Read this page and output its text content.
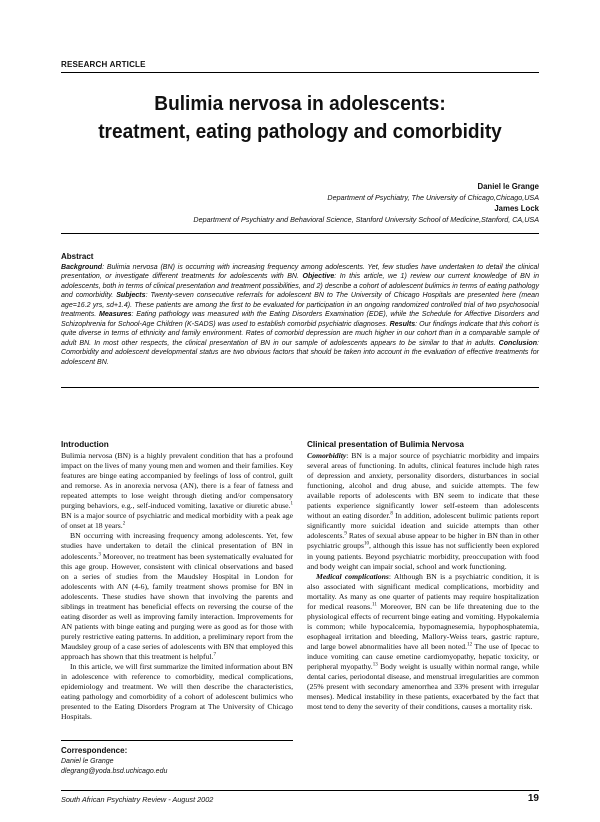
RESEARCH ARTICLE
Bulimia nervosa in adolescents:
treatment, eating pathology and comorbidity
Daniel le Grange
Department of Psychiatry, The University of Chicago,Chicago,USA
James Lock
Department of Psychiatry and Behavioral Science, Stanford University School of Medicine,Stanford, CA,USA
Abstract
Background: Bulimia nervosa (BN) is occurring with increasing frequency among adolescents. Yet, few studies have undertaken to detail the clinical presentation, or investigate different treatments for adolescents with BN. Objective: In this article, we 1) review our current knowledge of BN in adolescents, both in terms of clinical presentation and treatment possibilities, and 2) describe a cohort of adolescent bulimics in terms of eating pathology and comorbidity. Subjects: Twenty-seven consecutive referrals for adolescent BN to The University of Chicago Hospitals are presented here (mean age=16.2 yrs, sd+1.4). These patients are among the first to be evaluated for participation in an ongoing randomized controlled trial of two psychosocial treatments. Measures: Eating pathology was measured with the Eating Disorders Examination (EDE), while the Schedule for Affective Disorders and Schizophrenia for School-Age Children (K-SADS) was used to establish comorbid psychiatric diagnoses. Results: Our findings indicate that this cohort is quite diverse in terms of ethnicity and family environment. Rates of comorbid depression are much higher in our cohort than in a comparable sample of adult BN. In most other respects, the clinical presentation of BN in our sample of adolescents appears to be similar to that in adults. Conclusion: Comorbidity and adolescent developmental status are two obvious factors that should be taken into account in the evaluation of effective treatments for adolescent BN.
Introduction

Bulimia nervosa (BN) is a highly prevalent condition that has a profound impact on the lives of many young men and women and their families. Key features are binge eating accompanied by feelings of loss of control, guilt and remorse. As in anorexia nervosa (AN), there is a fear of fatness and repeated attempts to lose weight through dieting and/or compensatory purging behaviors, e.g., self-induced vomiting, laxative or diuretic abuse.$^1$ BN is a major source of psychiatric and medical morbidity with a peak age of onset at 18 years.$^2$

BN occurring with increasing frequency among adolescents. Yet, few studies have undertaken to detail the clinical presentation of BN in adolescents.$^3$ Moreover, no treatment has been systematically evaluated for this age group. However, consistent with clinical observations and based on a series of studies from the Maudsley Hospital in London for adolescents with AN (4-6), family treatment shows promise for BN in adolescents. These studies have shown that involving the parents and siblings in treatment has beneficial effects on reversing the course of the eating disorder as well as improving family interaction. Improvements for AN patients with binge eating and purging were as good as for those with purely restrictive eating patterns. In addition, a preliminary report from the Maudsley group of a case series of adolescents with BN that employed this approach has shown that this treatment is helpful.$^7$

In this article, we will first summarize the limited information about BN in adolescence with reference to comorbidity, medical complications, epidemiology and treatment. We will then describe the characteristics, eating pathology and comorbidity of a cohort of adolescent bulimics who presented to the Eating Disorders Program at The University of Chicago Hospitals.

Correspondence:
Daniel le Grange
dlegrang@yoda.bsd.uchicago.edu
South African Psychiatry Review - August 2002	19
Clinical presentation of Bulimia Nervosa

Comorbidity: BN is a major source of psychiatric morbidity and impairs several areas of functioning. In adults, clinical features include high rates of depression and anxiety, personality disorders, disturbances in social functioning, alcohol and drug abuse, and suicide attempts. The few available reports of adolescents with BN seem to indicate that these patients experience significantly lower self-esteem than adolescents without an eating disorder.$^8$ In addition, adolescent bulimic patients report significantly more suicidal ideation and suicide attempts than other adolescents.$^9$ Rates of sexual abuse appear to be higher in BN than in other psychiatric groups$^{10}$, although this issue has not sufficiently been explored in young patients. Beyond psychiatric morbidity, preoccupation with food and body weight can impair social, school and work functioning.

Medical complications: Although BN is a psychiatric condition, it is also associated with significant medical complications, morbidity and mortality. As many as one quarter of patients may require hospitalization for medical reasons.$^{11}$ Moreover, BN can be life threatening due to the physiological effects of recurrent binge eating and vomiting. Hypokalemia is common; while hypocalcemia, hypomagnesemia, hypophosphatemia, esophageal irritation and bleeding, Mallory-Weiss tears, gastric rapture, and large bowel abnormalities have all been noted.$^{12}$ The use of Ipecac to induce vomiting can cause emetine cardiomyopathy, hepatic toxicity, or peripheral myopathy.$^{13}$ Body weight is usually within normal range, while dental caries, periodontal disease, and menstrual irregularities are common (25% present with secondary amenorrhea and 33% present with irregular menses). Medical instability in these patients, exacerbated by the fact that most tend to deny the severity of their conditions, causes a mortality risk.
